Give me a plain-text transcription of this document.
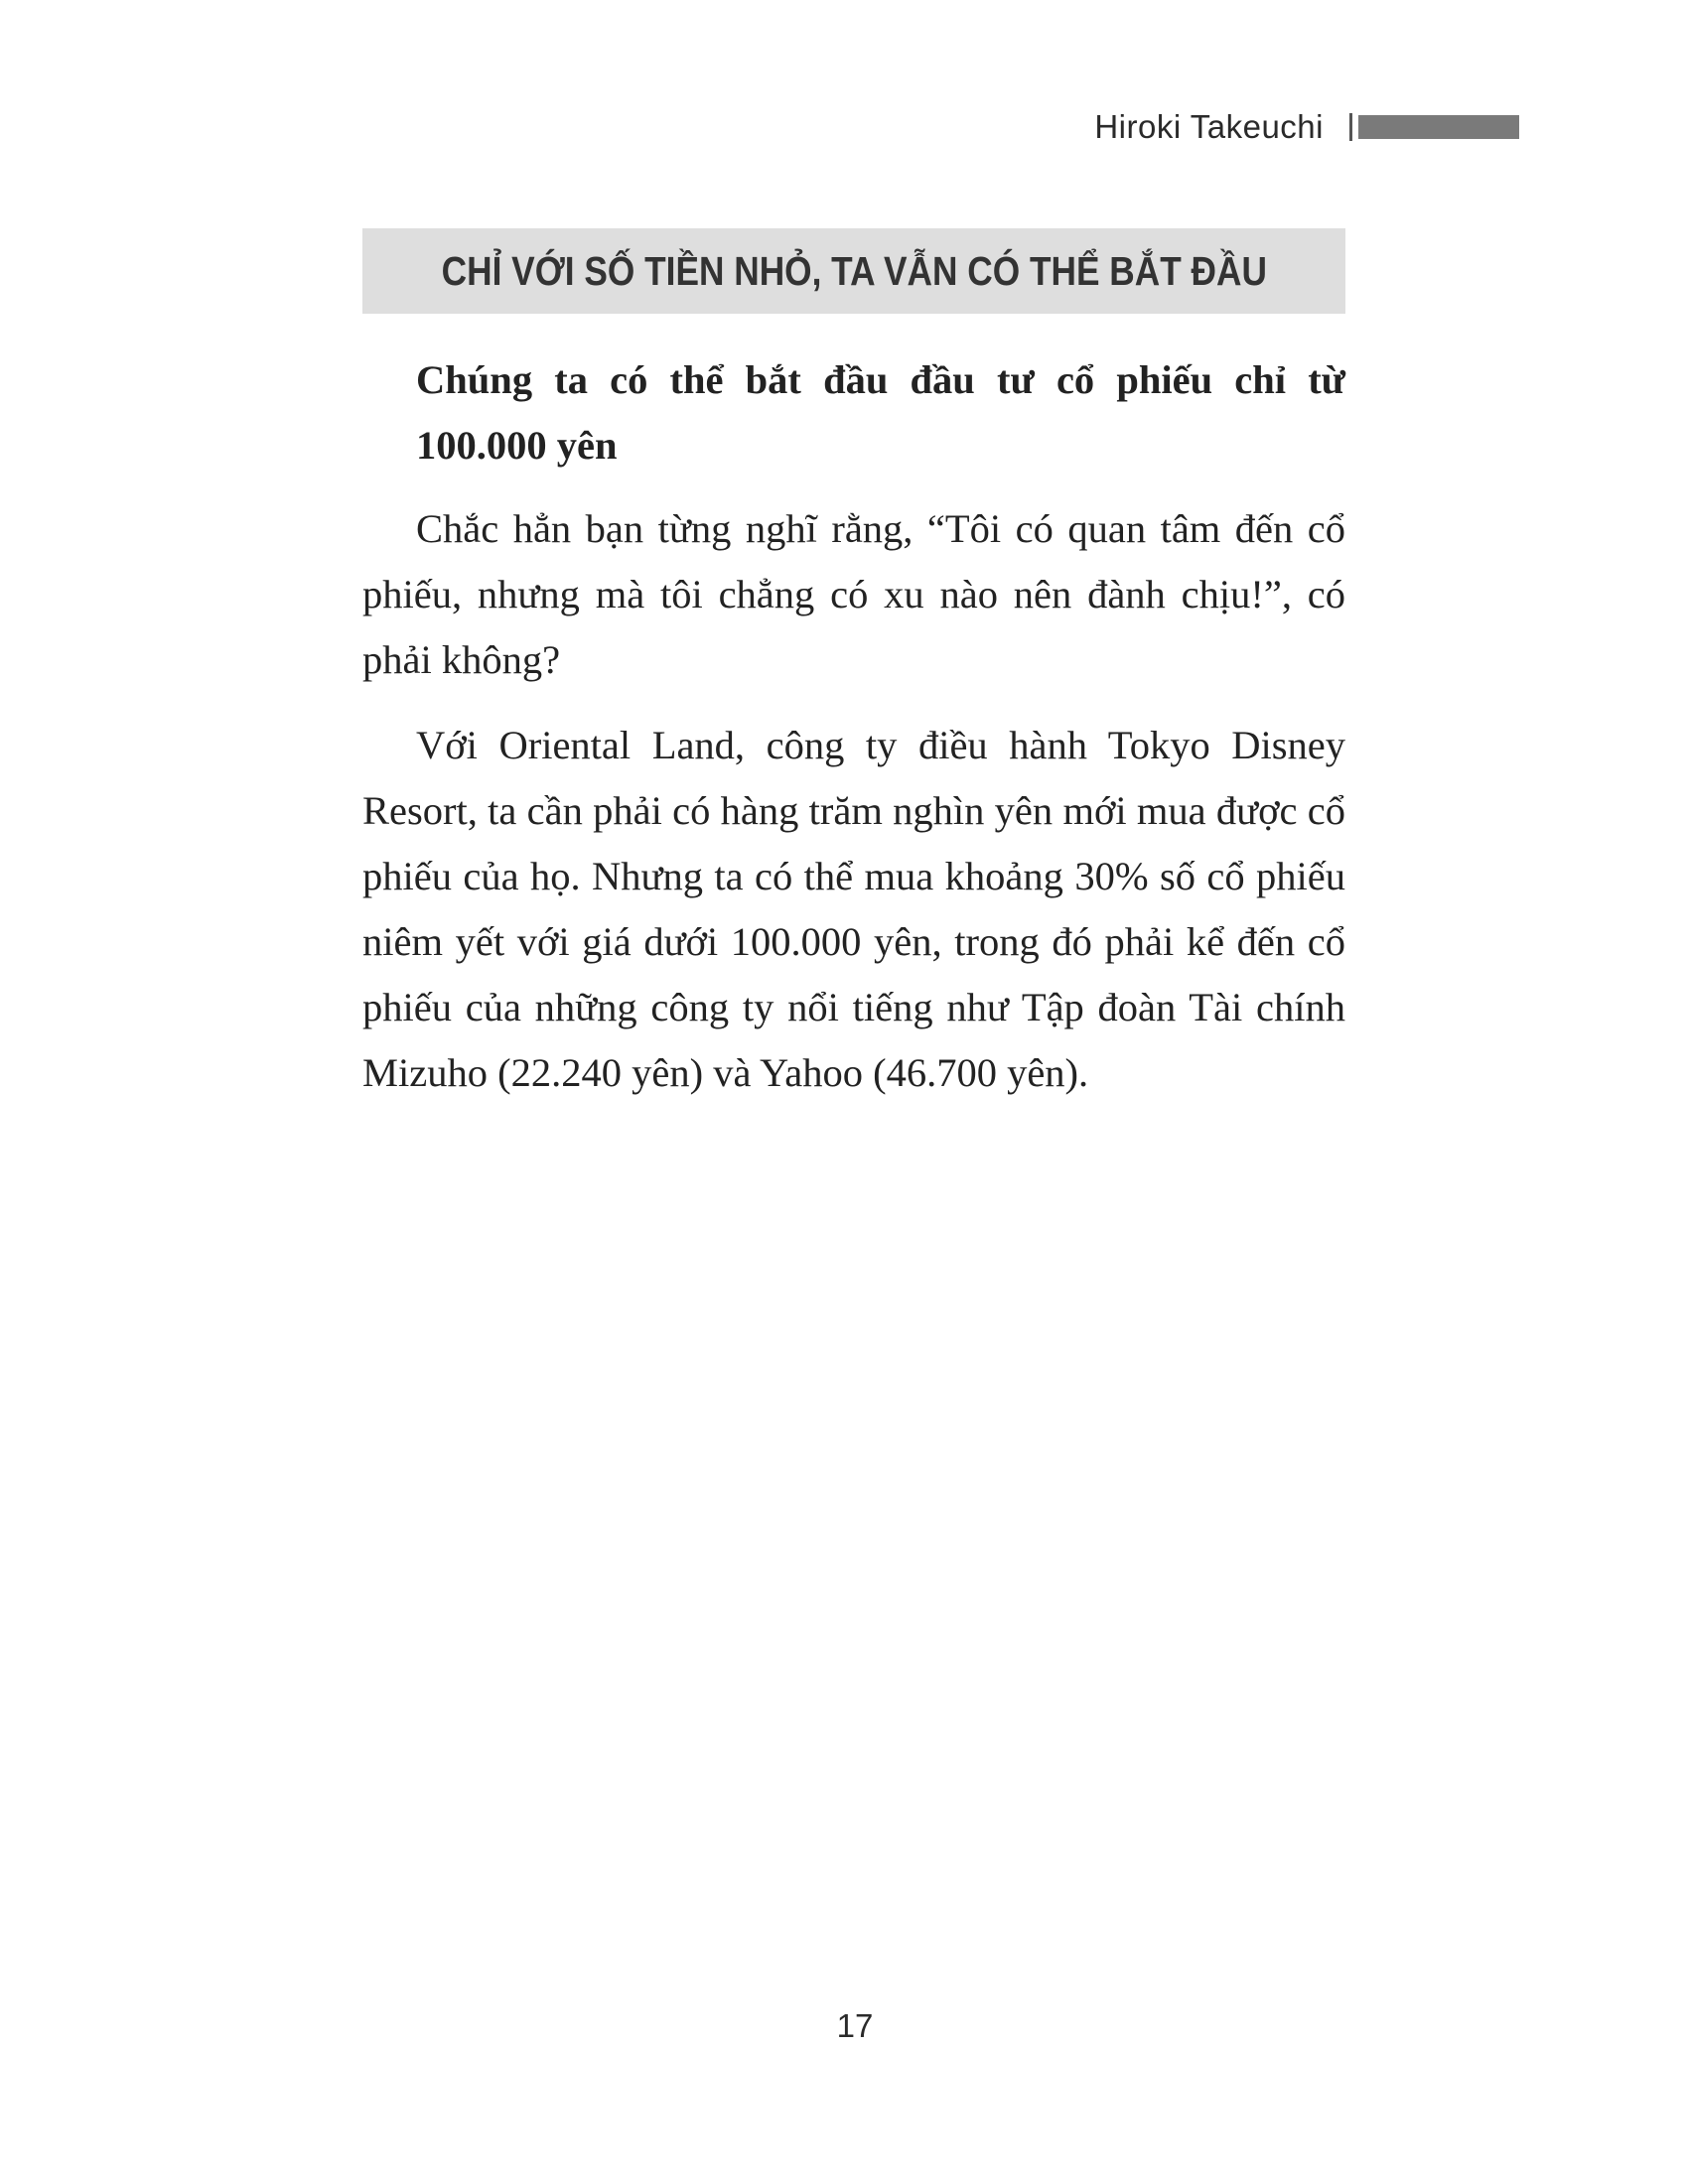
Hiroki Takeuchi
CHỈ VỚI SỐ TIỀN NHỎ, TA VẪN CÓ THỂ BẮT ĐẦU

Chúng ta có thể bắt đầu đầu tư cổ phiếu chỉ từ 100.000 yên

Chắc hẳn bạn từng nghĩ rằng, “Tôi có quan tâm đến cổ phiếu, nhưng mà tôi chẳng có xu nào nên đành chịu!”, có phải không?

Với Oriental Land, công ty điều hành Tokyo Disney Resort, ta cần phải có hàng trăm nghìn yên mới mua được cổ phiếu của họ. Nhưng ta có thể mua khoảng 30% số cổ phiếu niêm yết với giá dưới 100.000 yên, trong đó phải kể đến cổ phiếu của những công ty nổi tiếng như Tập đoàn Tài chính Mizuho (22.240 yên) và Yahoo (46.700 yên).

17
